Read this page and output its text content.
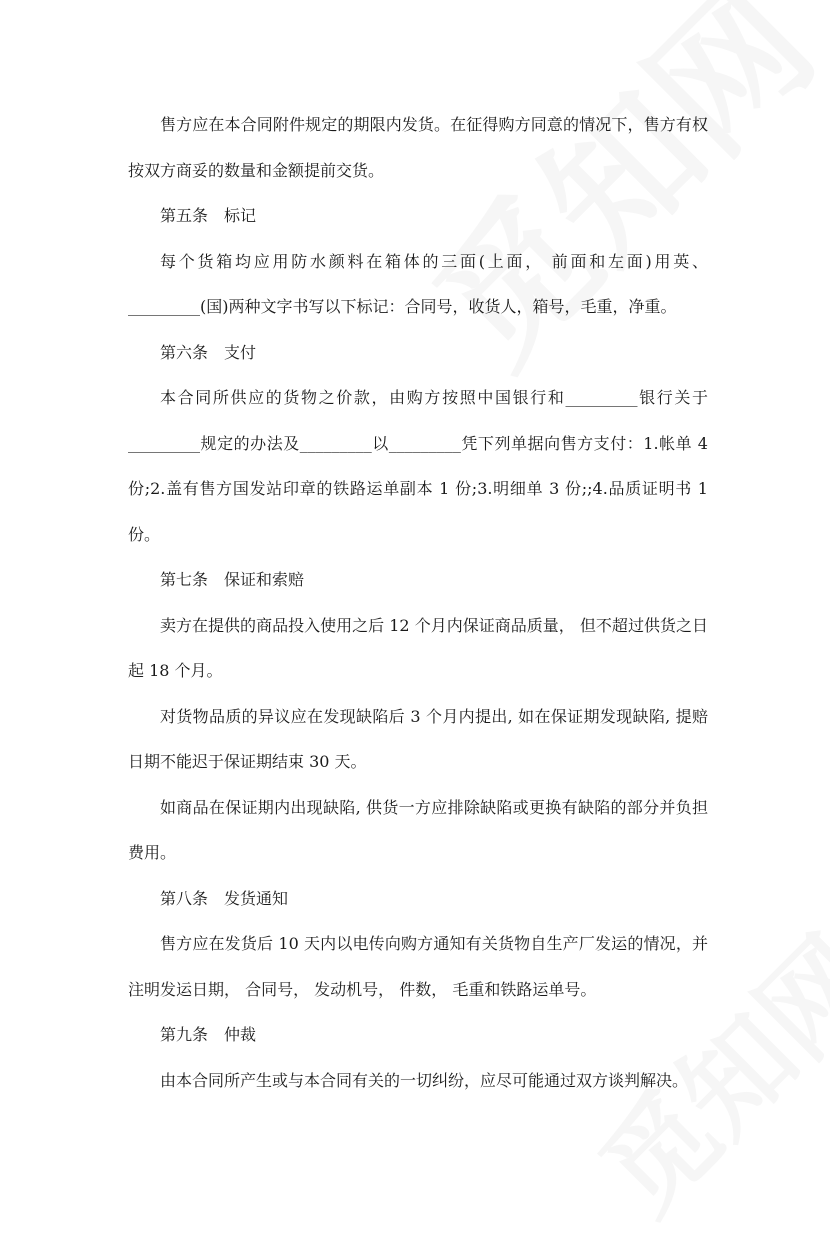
售方应在本合同附件规定的期限内发货。在征得购方同意的情况下，售方有权按双方商妥的数量和金额提前交货。

第五条 标记

每个货箱均应用防水颜料在箱体的三面(上面， 前面和左面)用英、_________(国)两种文字书写以下标记：合同号，收货人，箱号，毛重，净重。

第六条 支付

本合同所供应的货物之价款，由购方按照中国银行和_________银行关于_________规定的办法及_________以_________凭下列单据向售方支付：1.帐单 4 份;2.盖有售方国发站印章的铁路运单副本 1 份;3.明细单 3 份;;4.品质证明书 1 份。

第七条 保证和索赔

卖方在提供的商品投入使用之后 12 个月内保证商品质量， 但不超过供货之日起 18 个月。

对货物品质的异议应在发现缺陷后 3 个月内提出, 如在保证期发现缺陷, 提赔日期不能迟于保证期结束 30 天。

如商品在保证期内出现缺陷, 供货一方应排除缺陷或更换有缺陷的部分并负担费用。

第八条 发货通知

售方应在发货后 10 天内以电传向购方通知有关货物自生产厂发运的情况，并注明发运日期， 合同号， 发动机号， 件数， 毛重和铁路运单号。

第九条 仲裁

由本合同所产生或与本合同有关的一切纠纷，应尽可能通过双方谈判解决。
